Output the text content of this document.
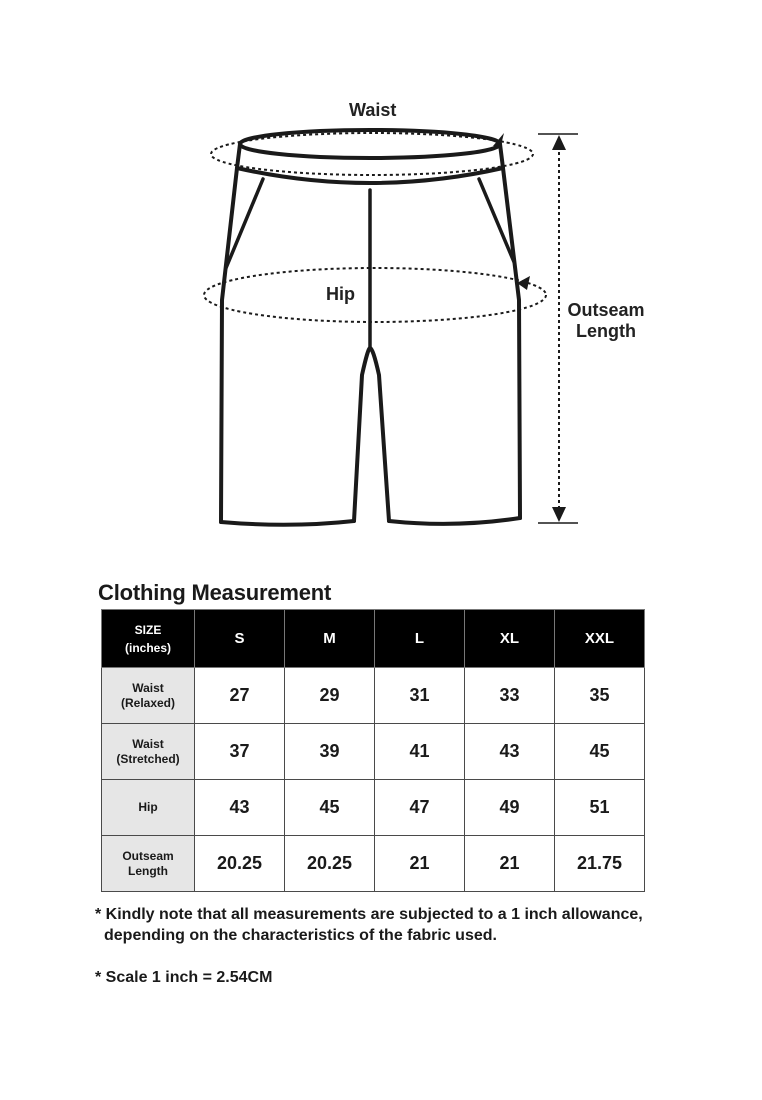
Waist
Hip
Outseam
Length
Clothing Measurement
SIZE
(inches)	S	M	L	XL	XXL

Waist
(Relaxed)	27	29	31	33	35

Waist
(Stretched)	37	39	41	43	45

Hip	43	45	47	49	51

Outseam
Length	20.25	20.25	21	21	21.75
* Kindly note that all measurements are subjected to a 1 inch allowance,
depending on the characteristics of the fabric used.
* Scale 1 inch = 2.54CM
